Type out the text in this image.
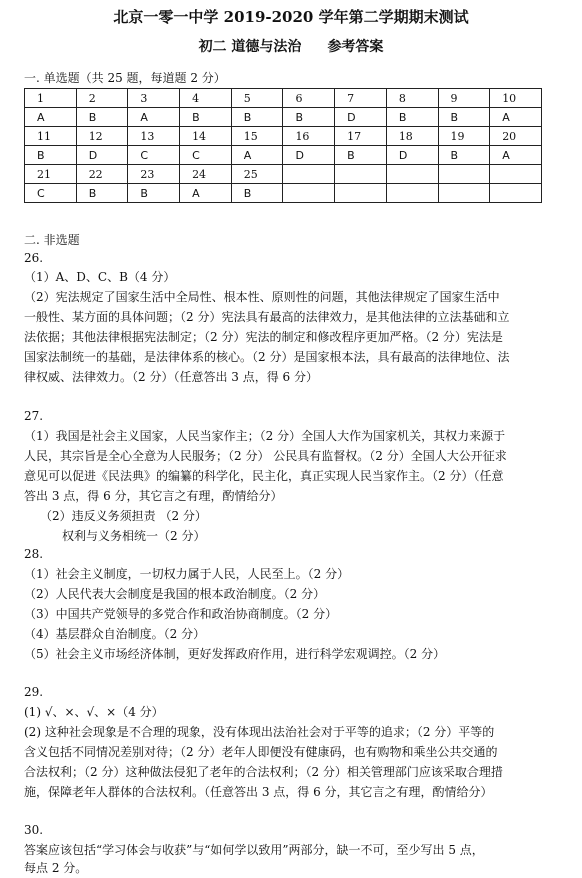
北京一零一中学 2019-2020 学年第二学期期末测试
初二 道德与法治 参考答案
一. 单选题（共 25 题，每道题 2 分）
1	2	3	4	5	6	7	8	9	10
A	B	A	B	B	B	D	B	B	A
11	12	13	14	15	16	17	18	19	20
B	D	C	C	A	D	B	D	B	A
21	22	23	24	25					
C	B	B	A	B					
二. 非选题
26.
（1）A、D、C、B（4 分）
（2）宪法规定了国家生活中全局性、根本性、原则性的问题，其他法律规定了国家生活中
一般性、某方面的具体问题；（2 分）宪法具有最高的法律效力，是其他法律的立法基础和立
法依据；其他法律根据宪法制定；（2 分）宪法的制定和修改程序更加严格。（2 分）宪法是
国家法制统一的基础，是法律体系的核心。（2 分）是国家根本法，具有最高的法律地位、法
律权威、法律效力。（2 分）（任意答出 3 点，得 6 分）
27.
（1）我国是社会主义国家，人民当家作主；（2 分）全国人大作为国家机关，其权力来源于
人民，其宗旨是全心全意为人民服务；（2 分） 公民具有监督权。（2 分）全国人大公开征求
意见可以促进《民法典》的编纂的科学化，民主化，真正实现人民当家作主。（2 分）（任意
答出 3 点，得 6 分，其它言之有理，酌情给分）
（2）违反义务须担责 （2 分）
权利与义务相统一（2 分）
28.
（1）社会主义制度，一切权力属于人民，人民至上。（2 分）
（2）人民代表大会制度是我国的根本政治制度。（2 分）
（3）中国共产党领导的多党合作和政治协商制度。（2 分）
（4）基层群众自治制度。（2 分）
（5）社会主义市场经济体制，更好发挥政府作用，进行科学宏观调控。（2 分）
29.
(1) √、×、√、×（4 分）
(2) 这种社会现象是不合理的现象，没有体现出法治社会对于平等的追求；（2 分）平等的
含义包括不同情况差别对待；（2 分）老年人即便没有健康码，也有购物和乘坐公共交通的
合法权利；（2 分）这种做法侵犯了老年的合法权利；（2 分）相关管理部门应该采取合理措
施，保障老年人群体的合法权利。（任意答出 3 点，得 6 分，其它言之有理，酌情给分）
30.
答案应该包括“学习体会与收获”与“如何学以致用”两部分，缺一不可，至少写出 5 点，
每点 2 分。
